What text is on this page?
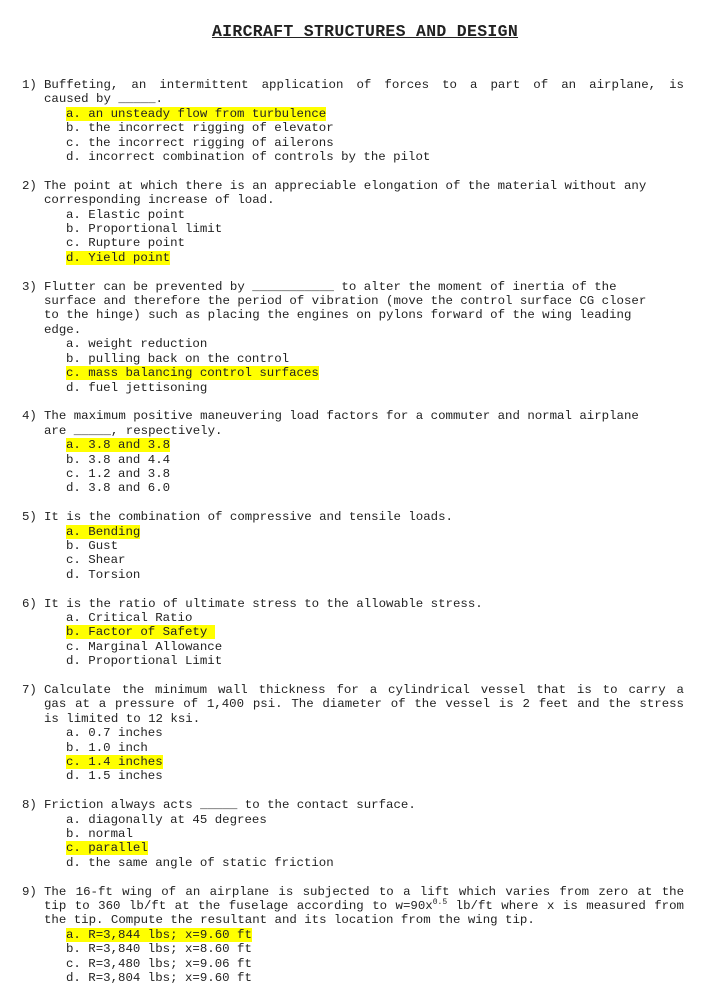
AIRCRAFT STRUCTURES AND DESIGN
1) Buffeting, an intermittent application of forces to a part of an airplane, is
caused by _____.
a. an unsteady flow from turbulence
b. the incorrect rigging of elevator
c. the incorrect rigging of ailerons
d. incorrect combination of controls by the pilot
2) The point at which there is an appreciable elongation of the material without any
corresponding increase of load.
a. Elastic point
b. Proportional limit
c. Rupture point
d. Yield point
3) Flutter can be prevented by ___________ to alter the moment of inertia of the
surface and therefore the period of vibration (move the control surface CG closer
to the hinge) such as placing the engines on pylons forward of the wing leading
edge.
a. weight reduction
b. pulling back on the control
c. mass balancing control surfaces
d. fuel jettisoning
4) The maximum positive maneuvering load factors for a commuter and normal airplane
are _____, respectively.
a. 3.8 and 3.8
b. 3.8 and 4.4
c. 1.2 and 3.8
d. 3.8 and 6.0
5) It is the combination of compressive and tensile loads.
a. Bending
b. Gust
c. Shear
d. Torsion
6) It is the ratio of ultimate stress to the allowable stress.
a. Critical Ratio
b. Factor of Safety
c. Marginal Allowance
d. Proportional Limit
7) Calculate the minimum wall thickness for a cylindrical vessel that is to carry a
gas at a pressure of 1,400 psi. The diameter of the vessel is 2 feet and the stress
is limited to 12 ksi.
a. 0.7 inches
b. 1.0 inch
c. 1.4 inches
d. 1.5 inches
8) Friction always acts _____ to the contact surface.
a. diagonally at 45 degrees
b. normal
c. parallel
d. the same angle of static friction
9) The 16-ft wing of an airplane is subjected to a lift which varies from zero at the
tip to 360 lb/ft at the fuselage according to $w=90x^{0.5}$ lb/ft where x is measured from
the tip. Compute the resultant and its location from the wing tip.
a. R=3,844 lbs; x=9.60 ft
b. R=3,840 lbs; x=8.60 ft
c. R=3,480 lbs; x=9.06 ft
d. R=3,804 lbs; x=9.60 ft
